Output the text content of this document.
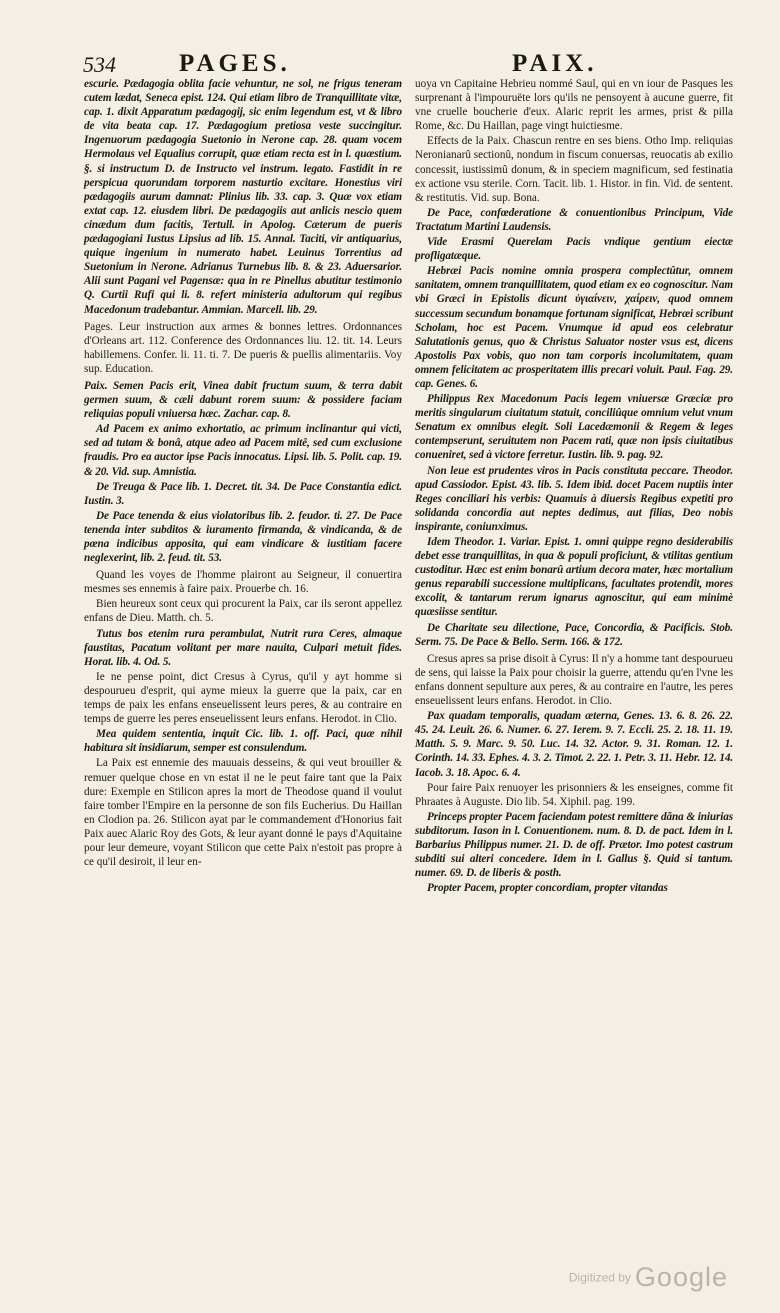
534	PAGES.	PAIX.

escurie. Pædagogia oblita facie vehuntur, ne sol, ne frigus teneram cutem lædat, Seneca epist. 124. Qui etiam libro de Tranquillitate vitæ, cap. 1. dixit Apparatum pædagogij, sic enim legendum est, vt & libro de vita beata cap. 17. Pædagogium pretiosa veste succingitur. Ingenuorum pædagogia Suetonio in Nerone cap. 28. quam vocem Hermolaus vel Equalius corrupit, quæ etiam recta est in l. quæstium. §. si instructum D. de Instructo vel instrum. legato. Fastidit in re perspicua quorundam torporem nasturtio excitare. Honestius viri pædagogiis aurum damnat: Plinius lib. 33. cap. 3. Quæ vox etiam extat cap. 12. eiusdem libri. De pædagogiis aut anlicis nescio quem cinædum dum facitis, Tertull. in Apolog. Cæterum de pueris pædagogiani Iustus Lipsius ad lib. 15. Annal. Taciti, vir antiquarius, quique ingenium in numerato habet. Leuinus Torrentius ad Suetonium in Nerone. Adrianus Turnebus lib. 8. & 23. Aduersarior. Alii sunt Pagani vel Pagensæ: qua in re Pinellus abutitur testimonio Q. Curtii Rufi qui li. 8. refert ministeria adultorum qui regibus Macedonum tradebantur. Ammian. Marcell. lib. 29.

Pages. Leur instruction aux armes & bonnes lettres. Ordonnances d'Orleans art. 112. Conference des Ordonnances liu. 12. tit. 14. Leurs habillemens. Confer. li. 11. ti. 7. De pueris & puellis alimentariis. Voy sup. Education.

Paix. Semen Pacis erit, Vinea dabit fructum suum, & terra dabit germen suum, & cæli dabunt rorem suum: & possidere faciam reliquias populi vniuersa hæc. Zachar. cap. 8.

Ad Pacem ex animo exhortatio, ac primum inclinantur qui victi, sed ad tutam & bonâ, atque adeo ad Pacem mitê, sed cum exclusione fraudis. Pro ea auctor ipse Pacis innocatus. Lipsi. lib. 5. Polit. cap. 19. & 20. Vid. sup. Amnistia.

De Treuga & Pace lib. 1. Decret. tit. 34. De Pace Constantia edict. Iustin. 3.

De Pace tenenda & eius violatoribus lib. 2. feudor. ti. 27. De Pace tenenda inter subditos & iuramento firmanda, & vindicanda, & de pœna indicibus apposita, qui eam vindicare & iustitiam facere neglexerint, lib. 2. feud. tit. 53.

Quand les voyes de l'homme plairont au Seigneur, il conuertira mesmes ses ennemis à faire paix. Prouerbe ch. 16.

Bien heureux sont ceux qui procurent la Paix, car ils seront appellez enfans de Dieu. Matth. ch. 5.

Tutus bos etenim rura perambulat, Nutrit rura Ceres, almaque faustitas, Pacatum volitant per mare nauita, Culpari metuit fides. Horat. lib. 4. Od. 5.

Ie ne pense point, dict Cresus à Cyrus, qu'il y ayt homme si despourueu d'esprit, qui ayme mieux la guerre que la paix, car en temps de paix les enfans enseuelissent leurs peres, & au contraire en temps de guerre les peres enseuelissent leurs enfans. Herodot. in Clio.

Mea quidem sententia, inquit Cic. lib. 1. off. Paci, quæ nihil habitura sit insidiarum, semper est consulendum.

La Paix est ennemie des mauuais desseins, & qui veut brouiller & remuer quelque chose en vn estat il ne le peut faire tant que la Paix dure: Exemple en Stilicon apres la mort de Theodose quand il voulut faire tomber l'Empire en la personne de son fils Eucherius. Du Haillan en Clodion pa. 26. Stilicon ayat par le commandement d'Honorius fait Paix auec Alaric Roy des Gots, & leur ayant donné le pays d'Aquitaine pour leur demeure, voyant Stilicon que cette Paix n'estoit pas propre à ce qu'il desiroit, il leur en-

uoya vn Capitaine Hebrieu nommé Saul, qui en vn iour de Pasques les surprenant à l'impouruëte lors qu'ils ne pensoyent à aucune guerre, fit vne cruelle boucherie d'eux. Alaric reprit les armes, prist & pilla Rome, &c. Du Haillan, page vingt huictiesme.

Effects de la Paix. Chascun rentre en ses biens. Otho Imp. reliquias Neronianarû sectionû, nondum in fiscum conuersas, reuocatis ab exilio concessit, iustissimû donum, & in speciem magnificum, sed festinatia ex actione vsu sterile. Corn. Tacit. lib. 1. Histor. in fin. Vid. de sentent. & restitutis. Vid. sup. Bona.

De Pace, confœderatione & conuentionibus Principum, Vide Tractatum Martini Laudensis.

Vide Erasmi Querelam Pacis vndique gentium eiectæ profligatæque.

Hebræi Pacis nomine omnia prospera complectûtur, omnem sanitatem, omnem tranquillitatem, quod etiam ex eo cognoscitur. Nam vbi Græci in Epistolis dicunt ὑγιαίνειν, χαίρειν, quod omnem successum secundum bonamque fortunam significat, Hebræi scribunt Scholam, hoc est Pacem. Vnumque id apud eos celebratur Salutationis genus, quo & Christus Saluator noster vsus est, dicens Apostolis Pax vobis, quo non tam corporis incolumitatem, quam omnem felicitatem ac prosperitatem illis precari voluit. Paul. Fag. 29. cap. Genes. 6.

Philippus Rex Macedonum Pacis legem vniuersæ Græciæ pro meritis singularum ciuitatum statuit, conciliûque omnium velut vnum Senatum ex omnibus elegit. Soli Lacedæmonii & Regem & leges contempserunt, seruitutem non Pacem rati, quæ non ipsis ciuitatibus conueniret, sed à victore ferretur. Iustin. lib. 9. pag. 92.

Non leue est prudentes viros in Pacis constituta peccare. Theodor. apud Cassiodor. Epist. 43. lib. 5. Idem ibid. docet Pacem nuptiis inter Reges conciliari his verbis: Quamuis à diuersis Regibus expetiti pro solidanda concordia aut neptes dedimus, aut filias, Deo nobis inspirante, coniunximus.

Idem Theodor. 1. Variar. Epist. 1. omni quippe regno desiderabilis debet esse tranquillitas, in qua & populi proficiunt, & vtilitas gentium custoditur. Hæc est enim bonarû artium decora mater, hæc mortalium genus reparabili successione multiplicans, facultates protendit, mores excolit, & tantarum rerum ignarus agnoscitur, qui eam minimè quæsiisse sentitur.

De Charitate seu dilectione, Pace, Concordia, & Pacificis. Stob. Serm. 75. De Pace & Bello. Serm. 166. & 172.

Cresus apres sa prise disoit à Cyrus: Il n'y a homme tant despourueu de sens, qui laisse la Paix pour choisir la guerre, attendu qu'en l'vne les enfans donnent sepulture aux peres, & au contraire en l'autre, les peres enseuelissent leurs enfans. Herodot. in Clio.

Pax quadam temporalis, quadam æterna, Genes. 13. 6. 8. 26. 22. 45. 24. Leuit. 26. 6. Numer. 6. 27. Ierem. 9. 7. Eccli. 25. 2. 18. 11. 19. Matth. 5. 9. Marc. 9. 50. Luc. 14. 32. Actor. 9. 31. Roman. 12. 1. Corinth. 14. 33. Ephes. 4. 3. 2. Timot. 2. 22. 1. Petr. 3. 11. Hebr. 12. 14. Iacob. 3. 18. Apoc. 6. 4.

Pour faire Paix renuoyer les prisonniers & les enseignes, comme fit Phraates à Auguste. Dio lib. 54. Xiphil. pag. 199.

Princeps propter Pacem faciendam potest remittere dãna & iniurias subditorum. Iason in l. Conuentionem. num. 8. D. de pact. Idem in l. Barbarius Philippus numer. 21. D. de off. Prætor. Imo potest castrum subditi sui alteri concedere. Idem in l. Gallus §. Quid si tantum. numer. 69. D. de liberis & posth.

Propter Pacem, propter concordiam, propter vitandas

Digitized by Google
